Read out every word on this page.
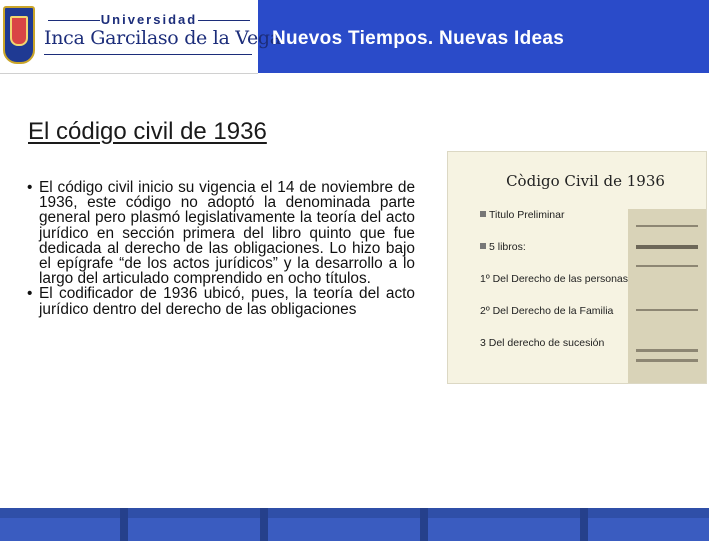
Universidad
Inca Garcilaso de la Vega
Nuevos Tiempos. Nuevas Ideas
El código civil de 1936
• El código civil inicio su vigencia el 14 de noviembre de 1936, este código no adoptó la denominada parte general pero plasmó legislativamente la teoría del acto jurídico en sección primera del libro quinto que fue dedicada al derecho de las obligaciones. Lo hizo bajo el epígrafe “de los actos jurídicos” y la desarrollo a lo largo del articulado comprendido en ocho títulos.
• El codificador de 1936 ubicó, pues, la teoría del acto jurídico dentro del derecho de las obligaciones
Còdigo Civil de 1936
Titulo Preliminar
5 libros:
1º Del Derecho de las personas
2º Del Derecho de la Familia
3 Del derecho de sucesión
